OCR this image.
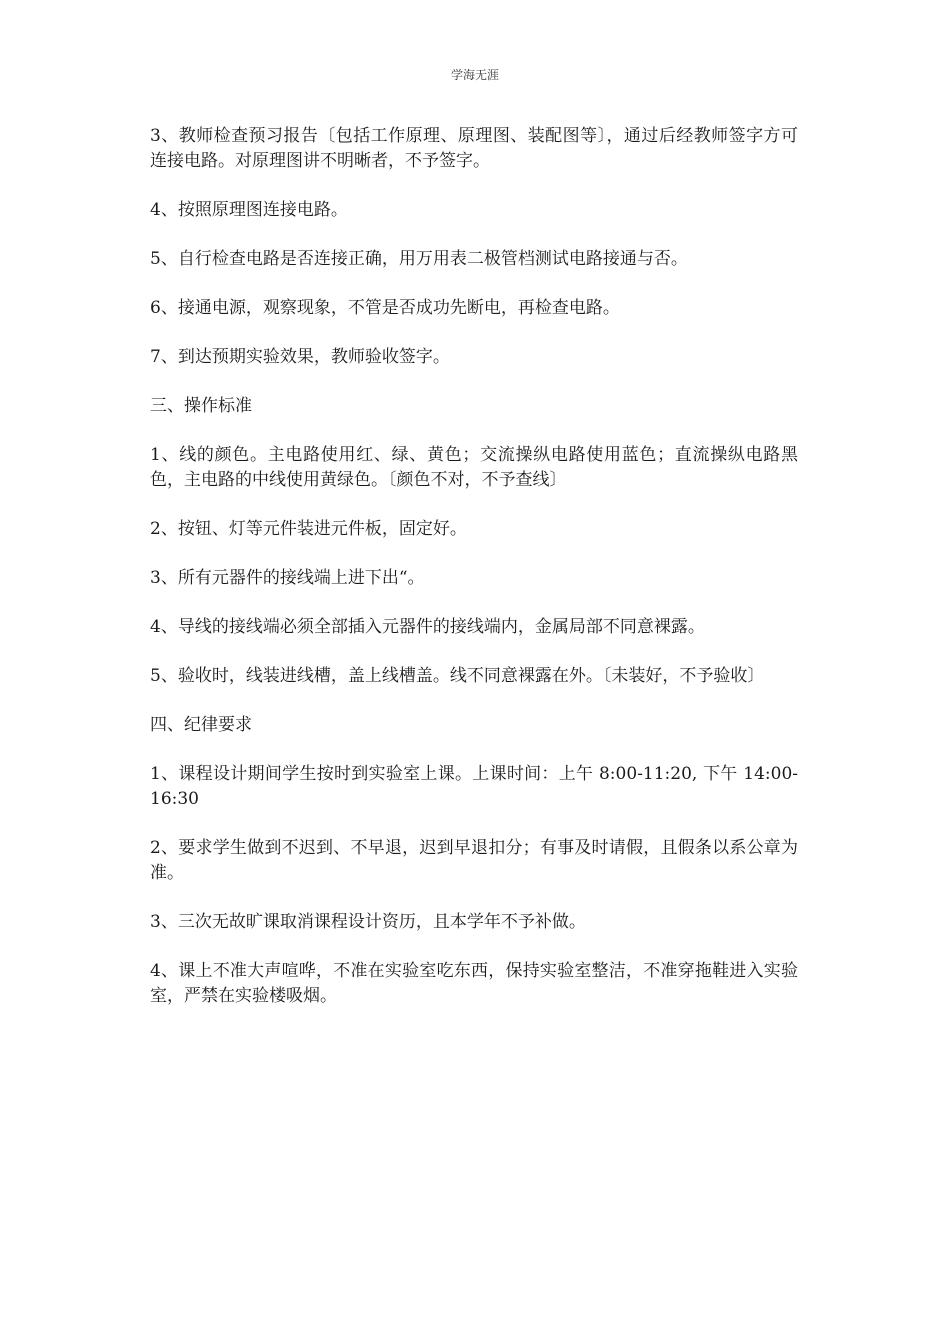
学海无涯

3、教师检查预习报告〔包括工作原理、原理图、装配图等〕，通过后经教师签字方可连接电路。对原理图讲不明晰者，不予签字。

4、按照原理图连接电路。

5、自行检查电路是否连接正确，用万用表二极管档测试电路接通与否。

6、接通电源，观察现象，不管是否成功先断电，再检查电路。

7、到达预期实验效果，教师验收签字。

三、操作标准

1、线的颜色。主电路使用红、绿、黄色；交流操纵电路使用蓝色；直流操纵电路黑色，主电路的中线使用黄绿色。〔颜色不对，不予查线〕

2、按钮、灯等元件装进元件板，固定好。

3、所有元器件的接线端上进下出“。

4、导线的接线端必须全部插入元器件的接线端内，金属局部不同意裸露。

5、验收时，线装进线槽，盖上线槽盖。线不同意裸露在外。〔未装好，不予验收〕

四、纪律要求

1、课程设计期间学生按时到实验室上课。上课时间：上午 8:00-11:20, 下午 14:00-16:30

2、要求学生做到不迟到、不早退，迟到早退扣分；有事及时请假，且假条以系公章为准。

3、三次无故旷课取消课程设计资历，且本学年不予补做。

4、课上不准大声喧哗，不准在实验室吃东西，保持实验室整洁，不准穿拖鞋进入实验室，严禁在实验楼吸烟。
